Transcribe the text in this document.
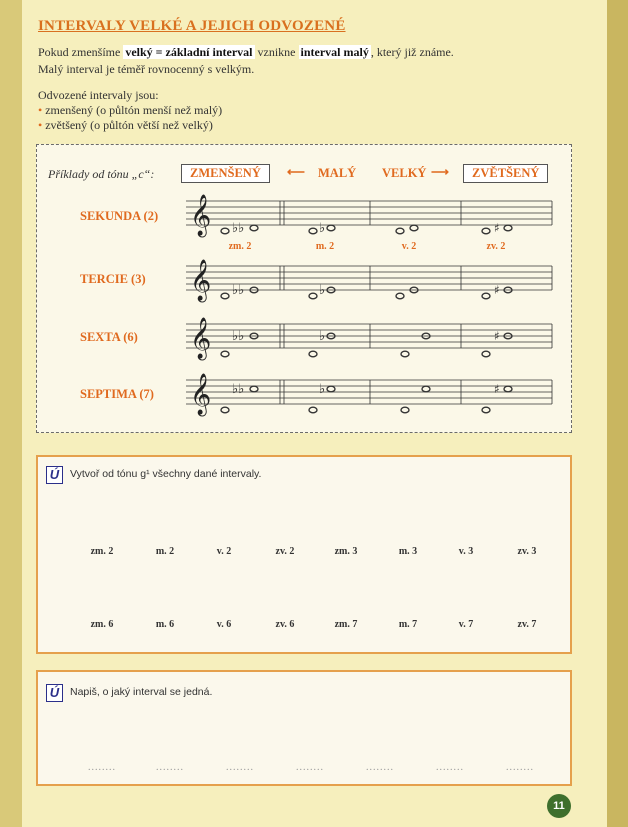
INTERVALY VELKÉ A JEJICH ODVOZENÉ

Pokud zmenšíme velký = základní interval vznikne interval malý , který již známe.

Malý interval je téměř rovnocenný s velkým.

Odvozené intervaly jsou:

• zmenšený (o půltón menší než malý)

• zvětšený (o půltón větší než velký)

Příklady od tónu „c“:	ZMENŠENÝ	⟵ MALÝ VELKÝ ⟶	ZVĚTŠENÝ
SEKUNDA (2)
TERCIE (3)
SEXTA (6)
SEPTIMA (7)
zm. 2	m. 2	v. 2	zv. 2
𝄞 ♭♭	♭	♯
𝄞 ♭♭	♭	♯
𝄞 ♭♭	♭	♯
𝄞 ♭♭	♭	♯
Ú	Vytvoř od tónu g¹ všechny dané intervaly.
zm. 2	m. 2	v. 2	zv. 2	zm. 3	m. 3	v. 3	zv. 3
zm. 6	m. 6	v. 6	zv. 6	zm. 7	m. 7	v. 7	zv. 7
Ú	Napiš, o jaký interval se jedná.
........	........	........	........	........	........	........
11
